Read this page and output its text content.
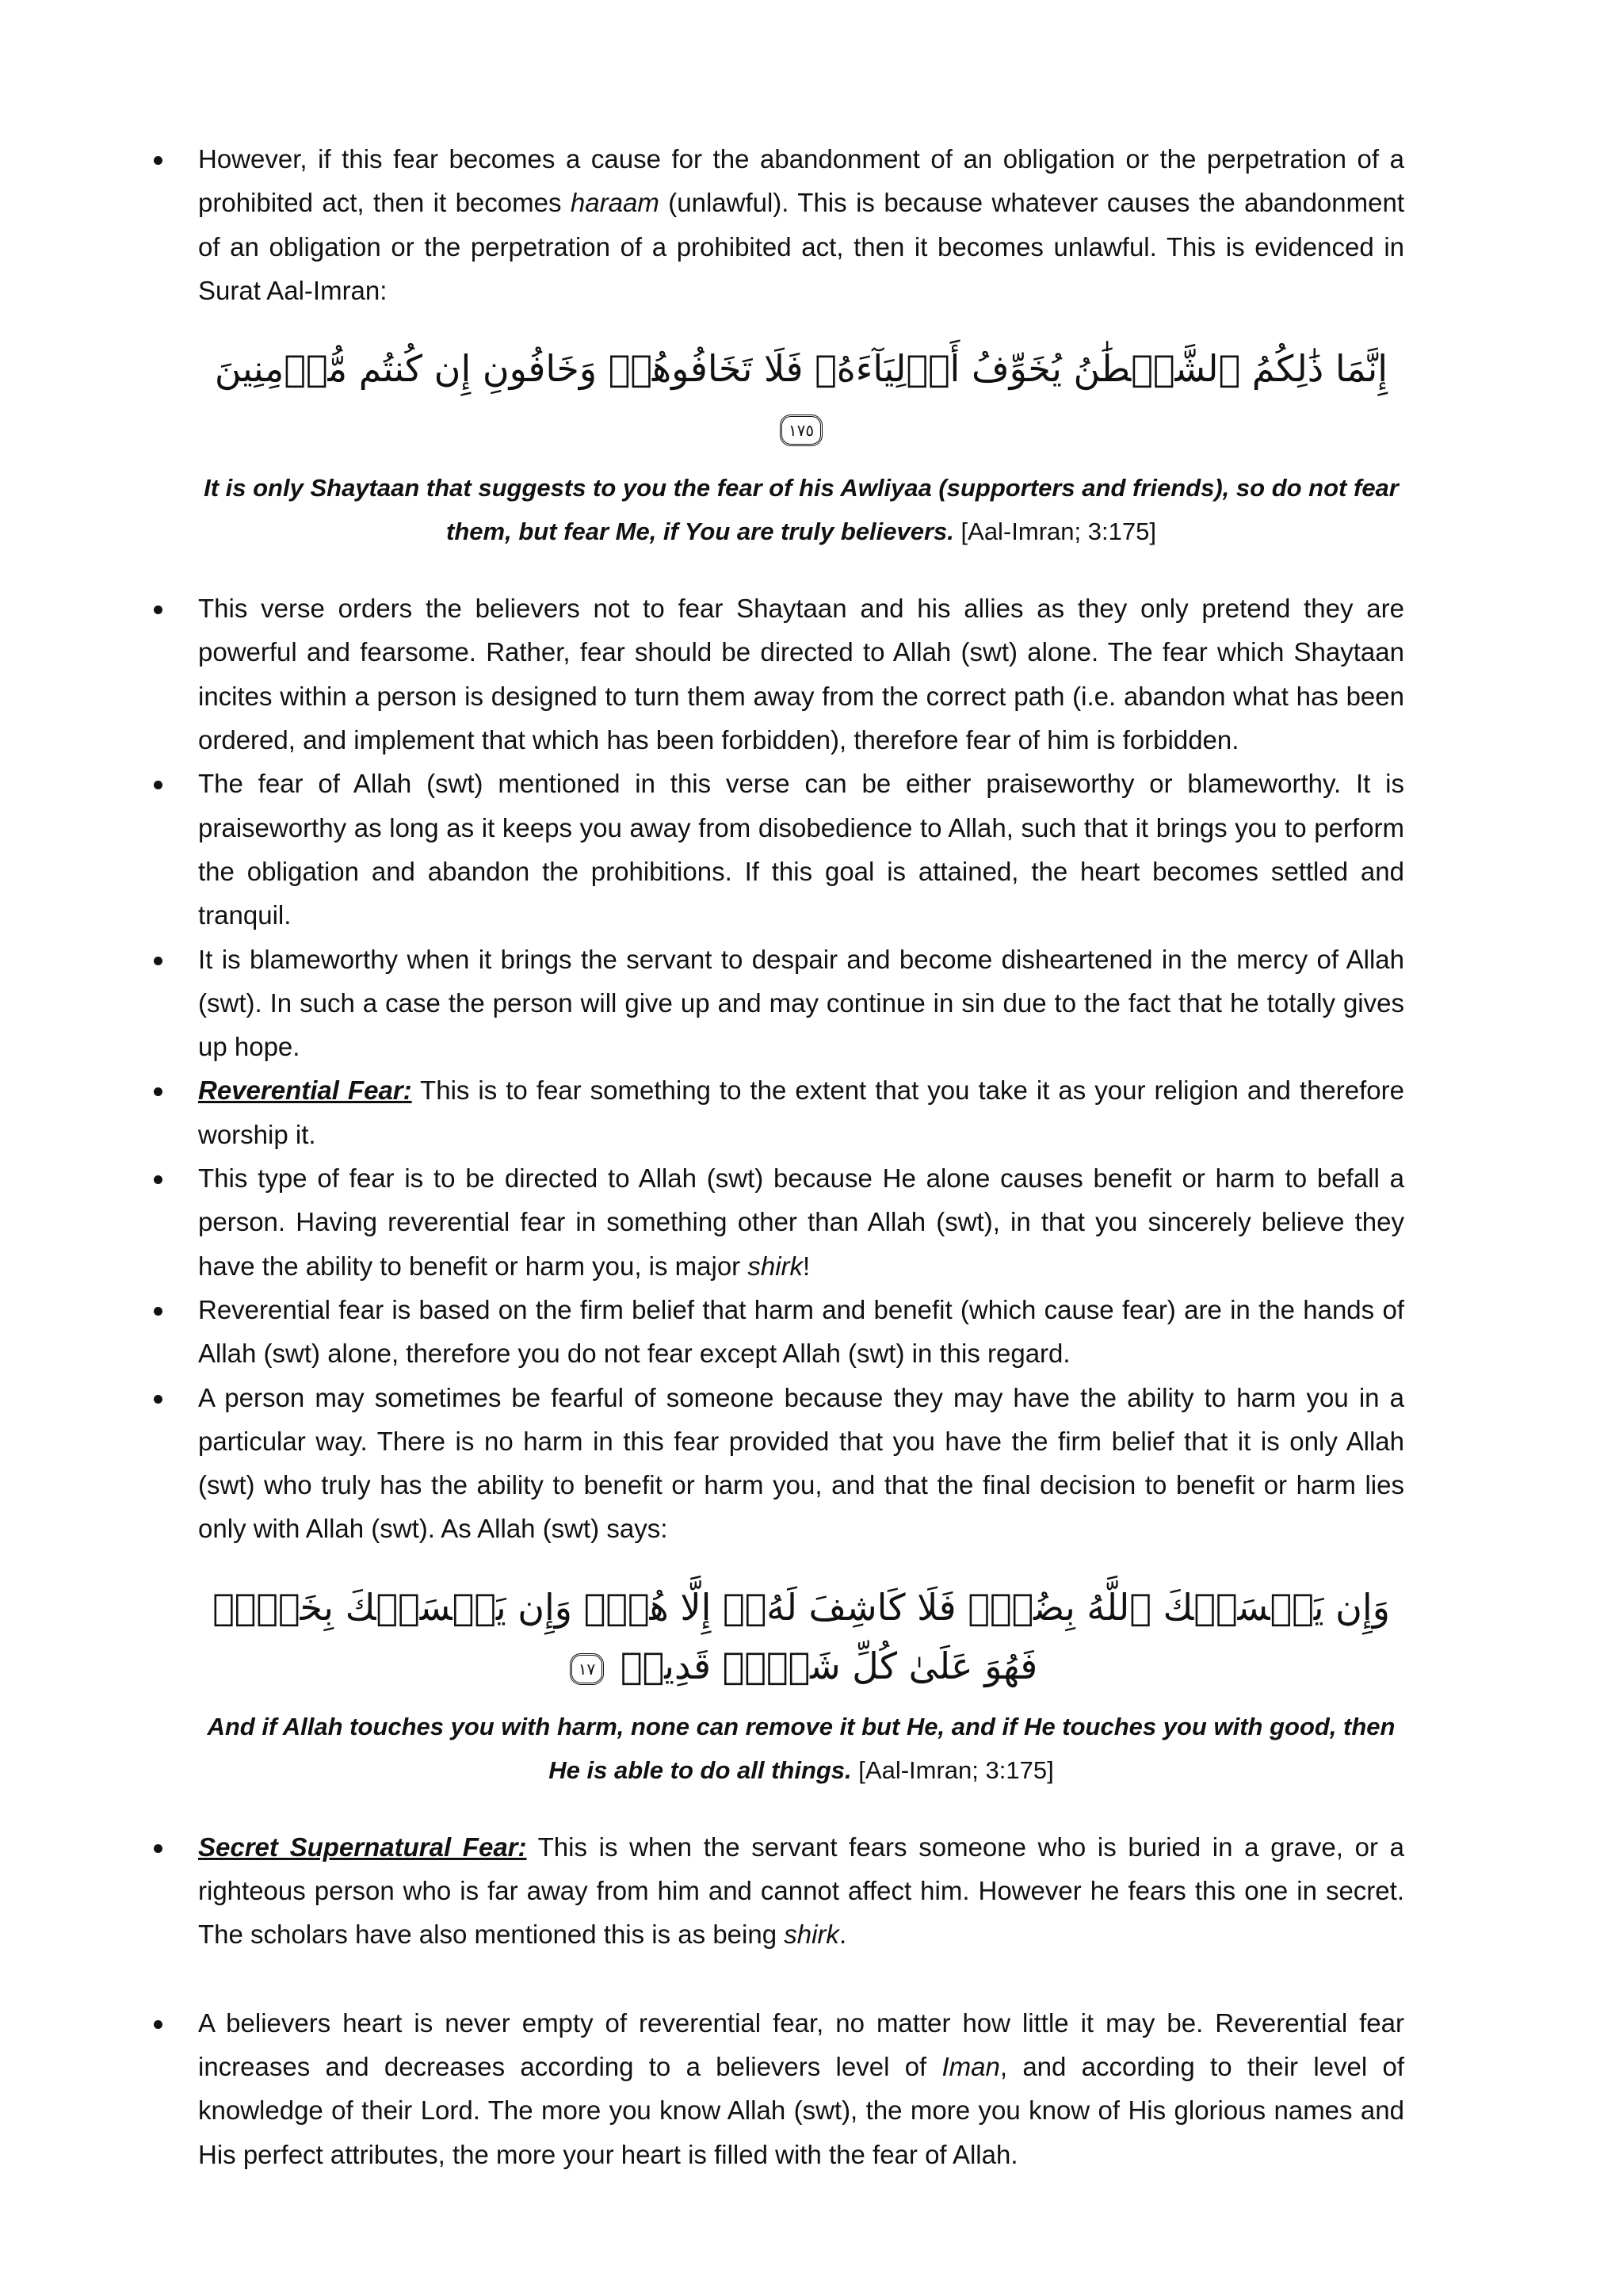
However, if this fear becomes a cause for the abandonment of an obligation or the perpetration of a prohibited act, then it becomes haraam (unlawful). This is because whatever causes the abandonment of an obligation or the perpetration of a prohibited act, then it becomes unlawful. This is evidenced in Surat Aal-Imran:
إِنَّمَا ذَٰلِكُمُ ٱلشَّيۡطَٰنُ يُخَوِّفُ أَوۡلِيَآءَهُۥ فَلَا تَخَافُوهُمۡ وَخَافُونِ إِن كُنتُم مُّؤۡمِنِينَ ١٧٥
It is only Shaytaan that suggests to you the fear of his Awliyaa (supporters and friends), so do not fear them, but fear Me, if You are truly believers. [Aal-Imran; 3:175]
This verse orders the believers not to fear Shaytaan and his allies as they only pretend they are powerful and fearsome. Rather, fear should be directed to Allah (swt) alone. The fear which Shaytaan incites within a person is designed to turn them away from the correct path (i.e. abandon what has been ordered, and implement that which has been forbidden), therefore fear of him is forbidden.
The fear of Allah (swt) mentioned in this verse can be either praiseworthy or blameworthy. It is praiseworthy as long as it keeps you away from disobedience to Allah, such that it brings you to perform the obligation and abandon the prohibitions. If this goal is attained, the heart becomes settled and tranquil.
It is blameworthy when it brings the servant to despair and become disheartened in the mercy of Allah (swt). In such a case the person will give up and may continue in sin due to the fact that he totally gives up hope.
Reverential Fear: This is to fear something to the extent that you take it as your religion and therefore worship it.
This type of fear is to be directed to Allah (swt) because He alone causes benefit or harm to befall a person. Having reverential fear in something other than Allah (swt), in that you sincerely believe they have the ability to benefit or harm you, is major shirk!
Reverential fear is based on the firm belief that harm and benefit (which cause fear) are in the hands of Allah (swt) alone, therefore you do not fear except Allah (swt) in this regard.
A person may sometimes be fearful of someone because they may have the ability to harm you in a particular way. There is no harm in this fear provided that you have the firm belief that it is only Allah (swt) who truly has the ability to benefit or harm you, and that the final decision to benefit or harm lies only with Allah (swt). As Allah (swt) says:
وَإِن يَمۡسَسۡكَ ٱللَّهُ بِضُرّٖ فَلَا كَاشِفَ لَهُۥٓ إِلَّا هُوَۖ وَإِن يَمۡسَسۡكَ بِخَيۡرٖ فَهُوَ عَلَىٰ كُلِّ شَيۡءٖ قَدِيرٞ ١٧
And if Allah touches you with harm, none can remove it but He, and if He touches you with good, then He is able to do all things. [Aal-Imran; 3:175]
Secret Supernatural Fear: This is when the servant fears someone who is buried in a grave, or a righteous person who is far away from him and cannot affect him. However he fears this one in secret. The scholars have also mentioned this is as being shirk.
A believers heart is never empty of reverential fear, no matter how little it may be. Reverential fear increases and decreases according to a believers level of Iman, and according to their level of knowledge of their Lord. The more you know Allah (swt), the more you know of His glorious names and His perfect attributes, the more your heart is filled with the fear of Allah.
